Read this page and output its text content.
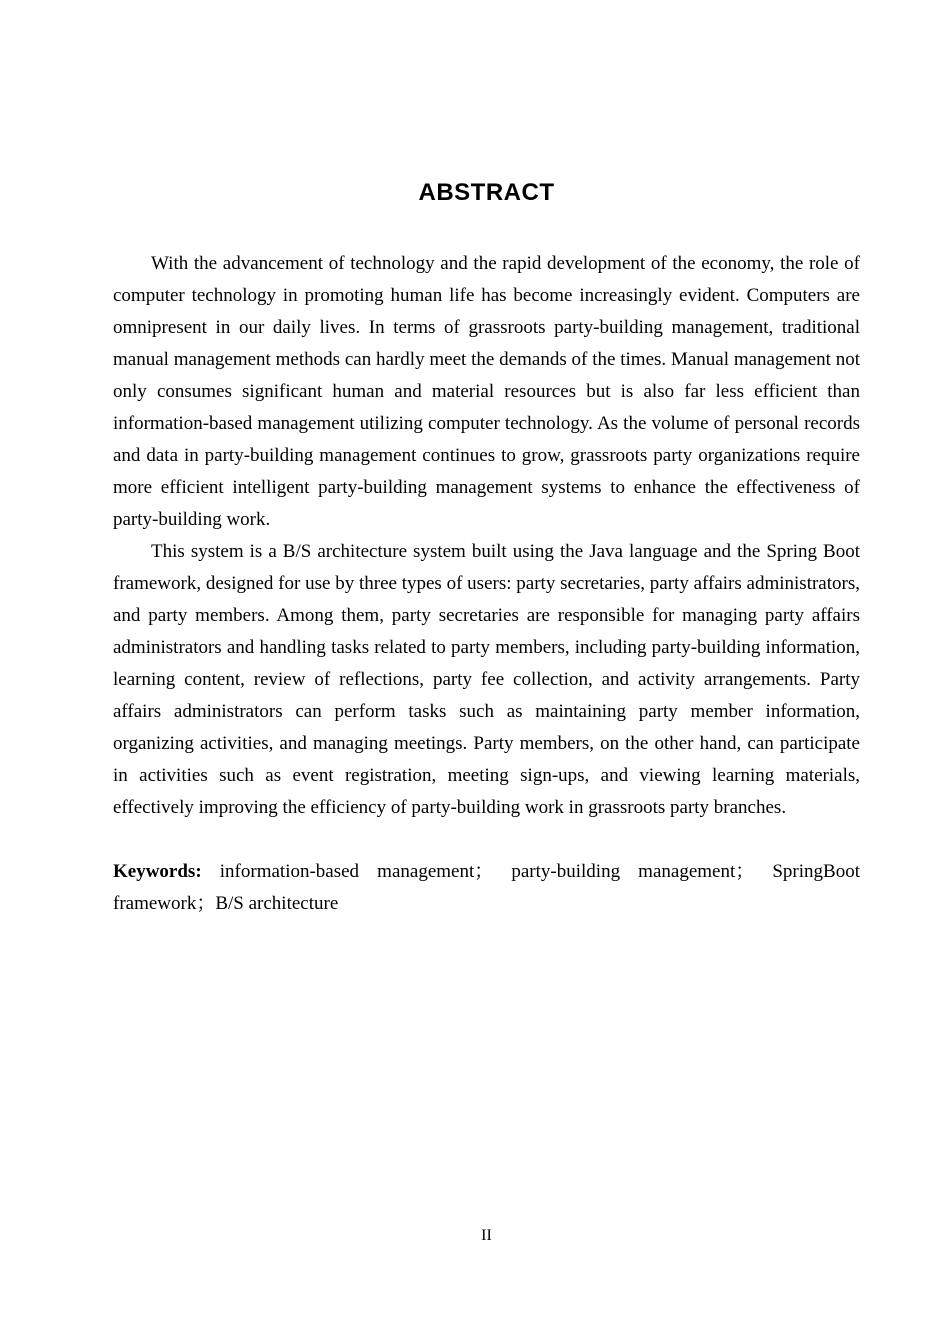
ABSTRACT

With the advancement of technology and the rapid development of the economy, the role of computer technology in promoting human life has become increasingly evident. Computers are omnipresent in our daily lives. In terms of grassroots party-building management, traditional manual management methods can hardly meet the demands of the times. Manual management not only consumes significant human and material resources but is also far less efficient than information-based management utilizing computer technology. As the volume of personal records and data in party-building management continues to grow, grassroots party organizations require more efficient intelligent party-building management systems to enhance the effectiveness of party-building work.

This system is a B/S architecture system built using the Java language and the Spring Boot framework, designed for use by three types of users: party secretaries, party affairs administrators, and party members. Among them, party secretaries are responsible for managing party affairs administrators and handling tasks related to party members, including party-building information, learning content, review of reflections, party fee collection, and activity arrangements. Party affairs administrators can perform tasks such as maintaining party member information, organizing activities, and managing meetings. Party members, on the other hand, can participate in activities such as event registration, meeting sign-ups, and viewing learning materials, effectively improving the efficiency of party-building work in grassroots party branches.

Keywords: information-based management； party-building management； SpringBoot framework；B/S architecture

II
